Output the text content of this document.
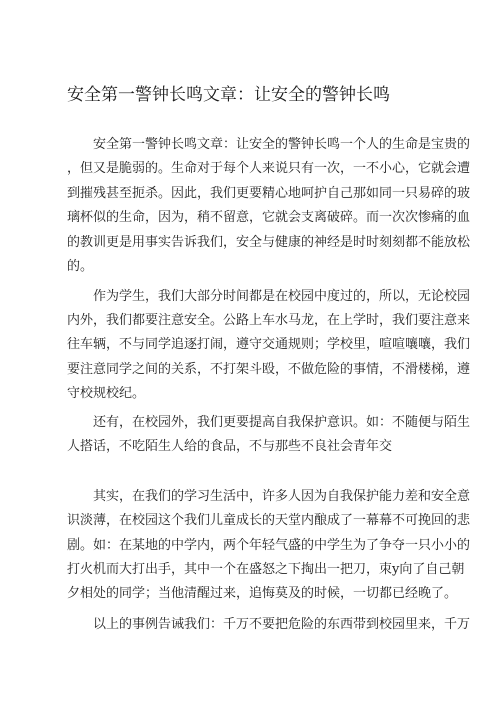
安全第一警钟长鸣文章：让安全的警钟长鸣

安全第一警钟长鸣文章：让安全的警钟长鸣一个人的生命是宝贵的

，但又是脆弱的。生命对于每个人来说只有一次，一不小心，它就会遭

到摧残甚至扼杀。因此，我们更要精心地呵护自己那如同一只易碎的玻

璃杯似的生命，因为，稍不留意，它就会支离破碎。而一次次惨痛的血

的教训更是用事实告诉我们，安全与健康的神经是时时刻刻都不能放松

的。

作为学生，我们大部分时间都是在校园中度过的，所以，无论校园

内外，我们都要注意安全。公路上车水马龙，在上学时，我们要注意来

往车辆，不与同学追逐打闹，遵守交通规则；学校里，喧喧嚷嚷，我们

要注意同学之间的关系，不打架斗殴，不做危险的事情，不滑楼梯，遵

守校规校纪。

还有，在校园外，我们更要提高自我保护意识。如：不随便与陌生

人搭话，不吃陌生人给的食品，不与那些不良社会青年交

其实，在我们的学习生活中，许多人因为自我保护能力差和安全意

识淡薄，在校园这个我们儿童成长的天堂内酿成了一幕幕不可挽回的悲

剧。如：在某地的中学内，两个年轻气盛的中学生为了争夺一只小小的

打火机而大打出手，其中一个在盛怒之下掏出一把刀，朿y向了自己朝

夕相处的同学；当他清醒过来，追悔莫及的时候，一切都已经晚了。

以上的事例告诫我们：千万不要把危险的东西带到校园里来，千万
